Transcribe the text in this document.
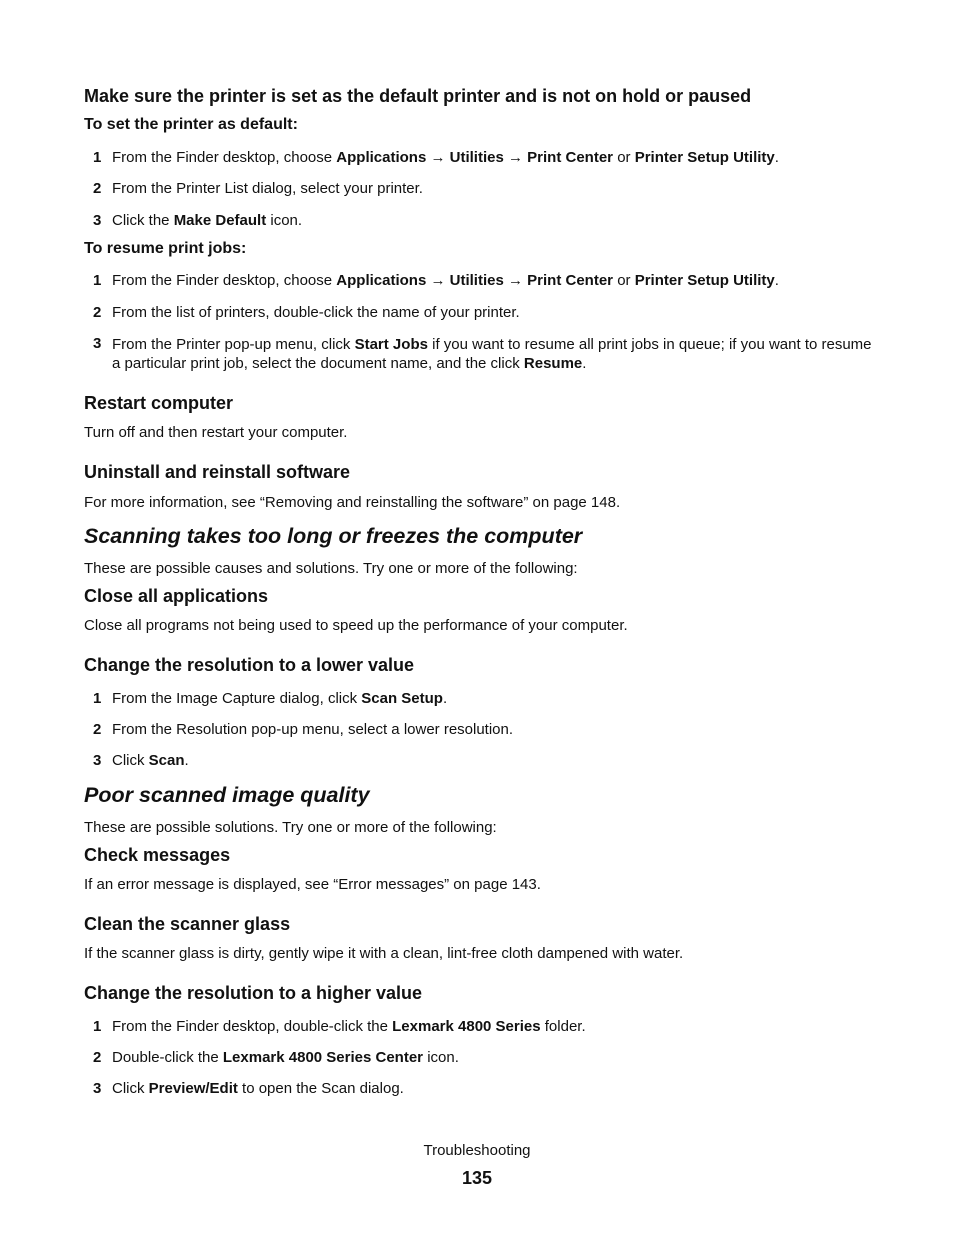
Make sure the printer is set as the default printer and is not on hold or paused
To set the printer as default:
1 From the Finder desktop, choose Applications → Utilities → Print Center or Printer Setup Utility.
2 From the Printer List dialog, select your printer.
3 Click the Make Default icon.
To resume print jobs:
1 From the Finder desktop, choose Applications → Utilities → Print Center or Printer Setup Utility.
2 From the list of printers, double-click the name of your printer.
3 From the Printer pop-up menu, click Start Jobs if you want to resume all print jobs in queue; if you want to resume a particular print job, select the document name, and the click Resume.
Restart computer
Turn off and then restart your computer.
Uninstall and reinstall software
For more information, see “Removing and reinstalling the software” on page 148.
Scanning takes too long or freezes the computer
These are possible causes and solutions. Try one or more of the following:
Close all applications
Close all programs not being used to speed up the performance of your computer.
Change the resolution to a lower value
1 From the Image Capture dialog, click Scan Setup.
2 From the Resolution pop-up menu, select a lower resolution.
3 Click Scan.
Poor scanned image quality
These are possible solutions. Try one or more of the following:
Check messages
If an error message is displayed, see “Error messages” on page 143.
Clean the scanner glass
If the scanner glass is dirty, gently wipe it with a clean, lint-free cloth dampened with water.
Change the resolution to a higher value
1 From the Finder desktop, double-click the Lexmark 4800 Series folder.
2 Double-click the Lexmark 4800 Series Center icon.
3 Click Preview/Edit to open the Scan dialog.
Troubleshooting
135
